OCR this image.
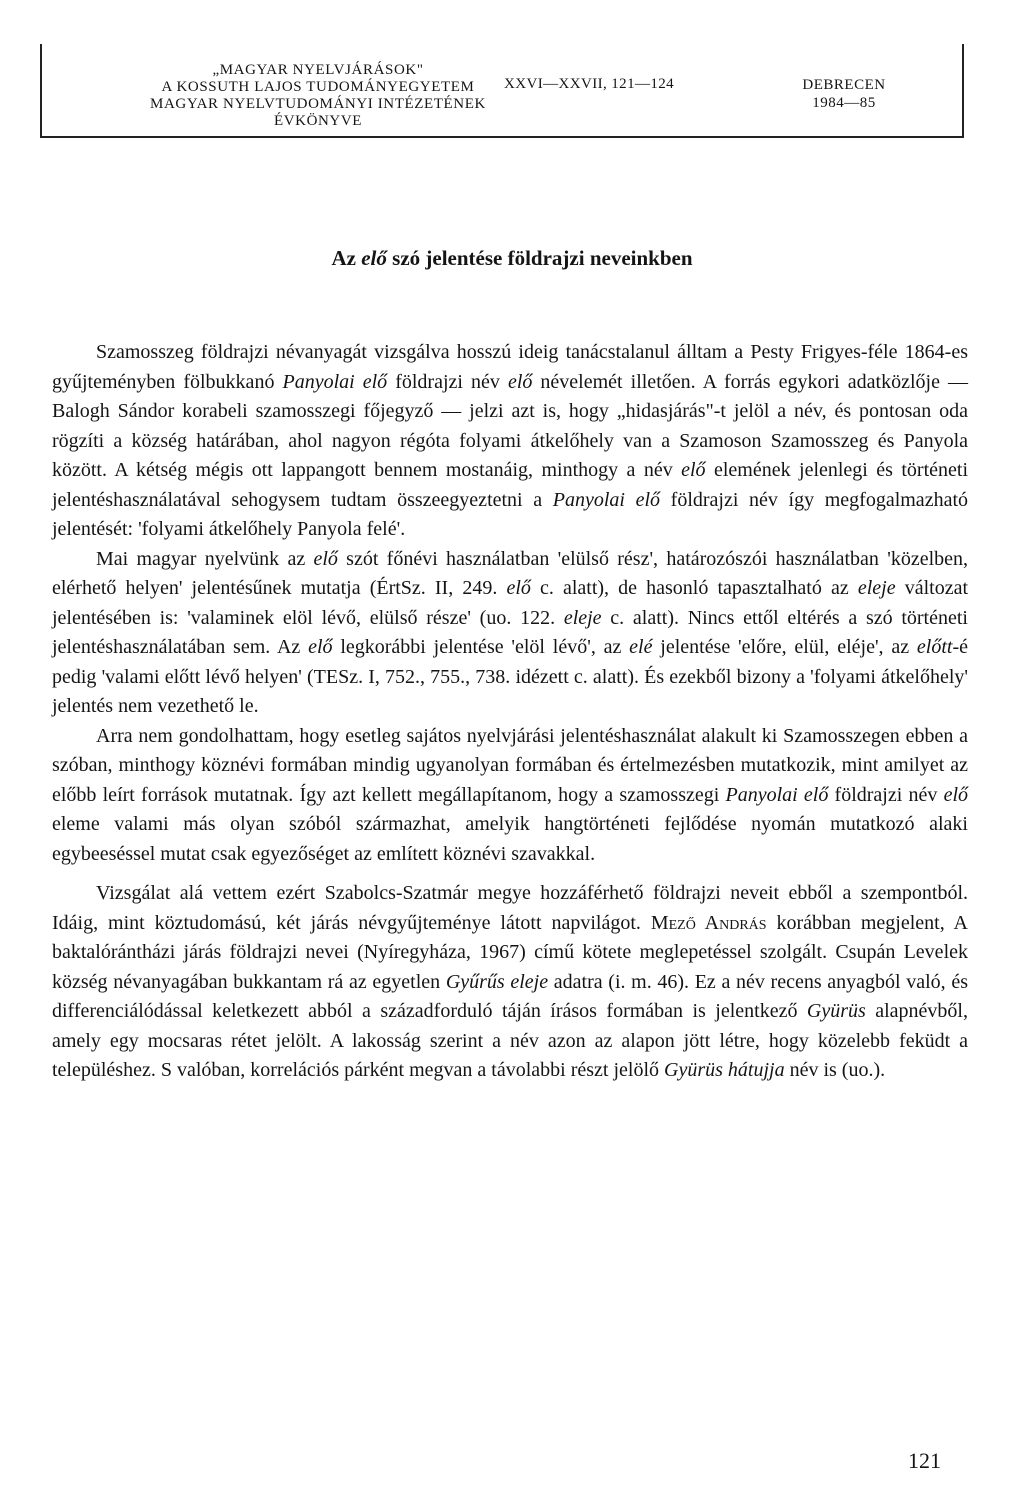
„MAGYAR NYELVJÁRÁSOK"
A KOSSUTH LAJOS TUDOMÁNYEGYETEM
MAGYAR NYELVTUDOMÁNYI INTÉZETÉNEK
ÉVKÖNYVE
XXVI—XXVII, 121—124	DEBRECEN
1984—85
Az elő szó jelentése földrajzi neveinkben

Szamosszeg földrajzi névanyagát vizsgálva hosszú ideig tanácstalanul álltam a Pesty Frigyes-féle 1864-es gyűjteményben fölbukkanó Panyolai elő földrajzi név elő névelemét illetően. A forrás egykori adatközlője — Balogh Sándor korabeli szamosszegi főjegyző — jelzi azt is, hogy „hidasjárás"-t jelöl a név, és pontosan oda rögzíti a község határában, ahol nagyon régóta folyami átkelőhely van a Szamoson Szamosszeg és Panyola között. A kétség mégis ott lappangott bennem mostanáig, minthogy a név elő elemének jelenlegi és történeti jelentéshasználatával sehogysem tudtam összeegyeztetni a Panyolai elő földrajzi név így megfogalmazható jelentését: 'folyami átkelőhely Panyola felé'.

Mai magyar nyelvünk az elő szót főnévi használatban 'elülső rész', határozószói használatban 'közelben, elérhető helyen' jelentésűnek mutatja (ÉrtSz. II, 249. elő c. alatt), de hasonló tapasztalható az eleje változat jelentésében is: 'valaminek elöl lévő, elülső része' (uo. 122. eleje c. alatt). Nincs ettől eltérés a szó történeti jelentéshasználatában sem. Az elő legkorábbi jelentése 'elöl lévő', az elé jelentése 'előre, elül, eléje', az előtt-é pedig 'valami előtt lévő helyen' (TESz. I, 752., 755., 738. idézett c. alatt). És ezekből bizony a 'folyami átkelőhely' jelentés nem vezethető le.

Arra nem gondolhattam, hogy esetleg sajátos nyelvjárási jelentéshasználat alakult ki Szamosszegen ebben a szóban, minthogy köznévi formában mindig ugyanolyan formában és értelmezésben mutatkozik, mint amilyet az előbb leírt források mutatnak. Így azt kellett megállapítanom, hogy a szamosszegi Panyolai elő földrajzi név elő eleme valami más olyan szóból származhat, amelyik hangtörténeti fejlődése nyomán mutatkozó alaki egybeeséssel mutat csak egyezőséget az említett köznévi szavakkal.

Vizsgálat alá vettem ezért Szabolcs-Szatmár megye hozzáférhető földrajzi neveit ebből a szempontból. Idáig, mint köztudomású, két járás névgyűjteménye látott napvilágot. Mező András korábban megjelent, A baktalórántházi járás földrajzi nevei (Nyíregyháza, 1967) című kötete meglepetéssel szolgált. Csupán Levelek község névanyagában bukkantam rá az egyetlen Gyűrűs eleje adatra (i. m. 46). Ez a név recens anyagból való, és differenciálódással keletkezett abból a századforduló táján írásos formában is jelentkező Gyürüs alapnévből, amely egy mocsaras rétet jelölt. A lakosság szerint a név azon az alapon jött létre, hogy közelebb feküdt a településhez. S valóban, korrelációs párként megvan a távolabbi részt jelölő Gyürüs hátujja név is (uo.).

121
